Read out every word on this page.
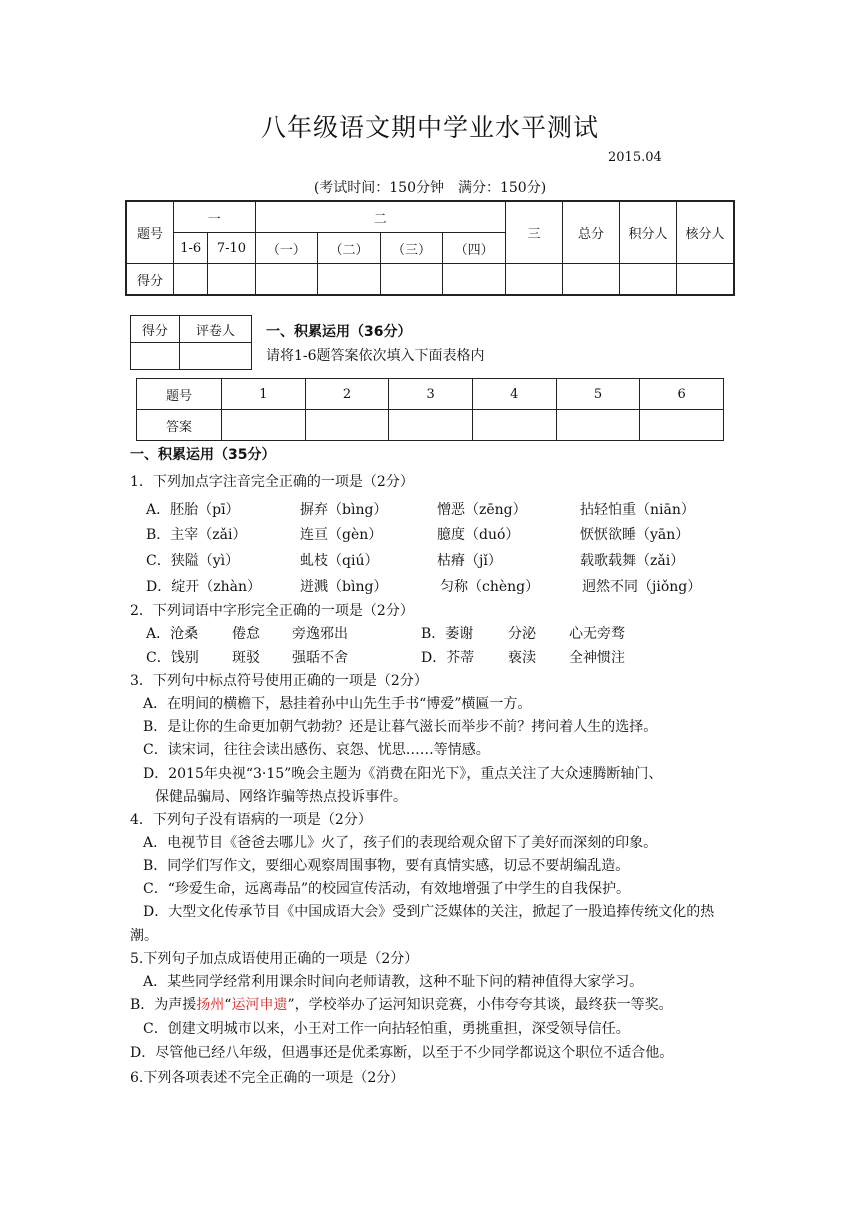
八年级语文期中学业水平测试
2015.04
(考试时间：150分钟　满分：150分)
题号	一		二				三	总分	积分人	核分人
	1-6	7-10	（一）	（二）	（三）	（四）				
得分										
得分	评卷人
	一、积累运用（36分）
请将1-6题答案依次填入下面表格内
题号	1	2	3	4	5	6
答案						
一、积累运用（35分）
1．下列加点字注音完全正确的一项是（2分）
A．胚胎（pī）	摒弃（bìng）	憎恶（zēng）	拈轻怕重（niān）
B．主宰（zǎi）	连亘（gèn）	臆度（duó）	恹恹欲睡（yān）
C．狭隘（yì）	虬枝（qiú）	枯瘠（jǐ）	载歌载舞（zǎi）
D．绽开（zhàn）	迸溅（bìng）	匀称（chèng）	迥然不同（jiǒng）
2．下列词语中字形完全正确的一项是（2分）
A．沧桑 倦怠 旁逸邪出	B．萎谢 分泌 心无旁骛
C．饯别 斑驳 强聒不舍	D．芥蒂 亵渎 全神惯注
3．下列句中标点符号使用正确的一项是（2分）
A．在明间的横檐下，悬挂着孙中山先生手书“博爱”横匾一方。
B．是让你的生命更加朝气勃勃？还是让暮气滋长而举步不前？拷问着人生的选择。
C．读宋词，往往会读出感伤、哀怨、忧思……等情感。
D．2015年央视“3·15”晚会主题为《消费在阳光下》，重点关注了大众速腾断轴门、
保健品骗局、网络诈骗等热点投诉事件。
4．下列句子没有语病的一项是（2分）
A．电视节目《爸爸去哪儿》火了，孩子们的表现给观众留下了美好而深刻的印象。
B．同学们写作文，要细心观察周围事物，要有真情实感，切忌不要胡编乱造。
C．“珍爱生命，远离毒品”的校园宣传活动，有效地增强了中学生的自我保护。
D．大型文化传承节目《中国成语大会》受到广泛媒体的关注，掀起了一股追捧传统文化的热
潮。
5.下列句子加点成语使用正确的一项是（2分）
A．某些同学经常利用课余时间向老师请教，这种不耻下问的精神值得大家学习。
B．为声援扬州“运河申遗”，学校举办了运河知识竞赛，小伟夸夸其谈，最终获一等奖。
C．创建文明城市以来，小王对工作一向拈轻怕重，勇挑重担，深受领导信任。
D．尽管他已经八年级，但遇事还是优柔寡断，以至于不少同学都说这个职位不适合他。
6.下列各项表述不完全正确的一项是（2分）
